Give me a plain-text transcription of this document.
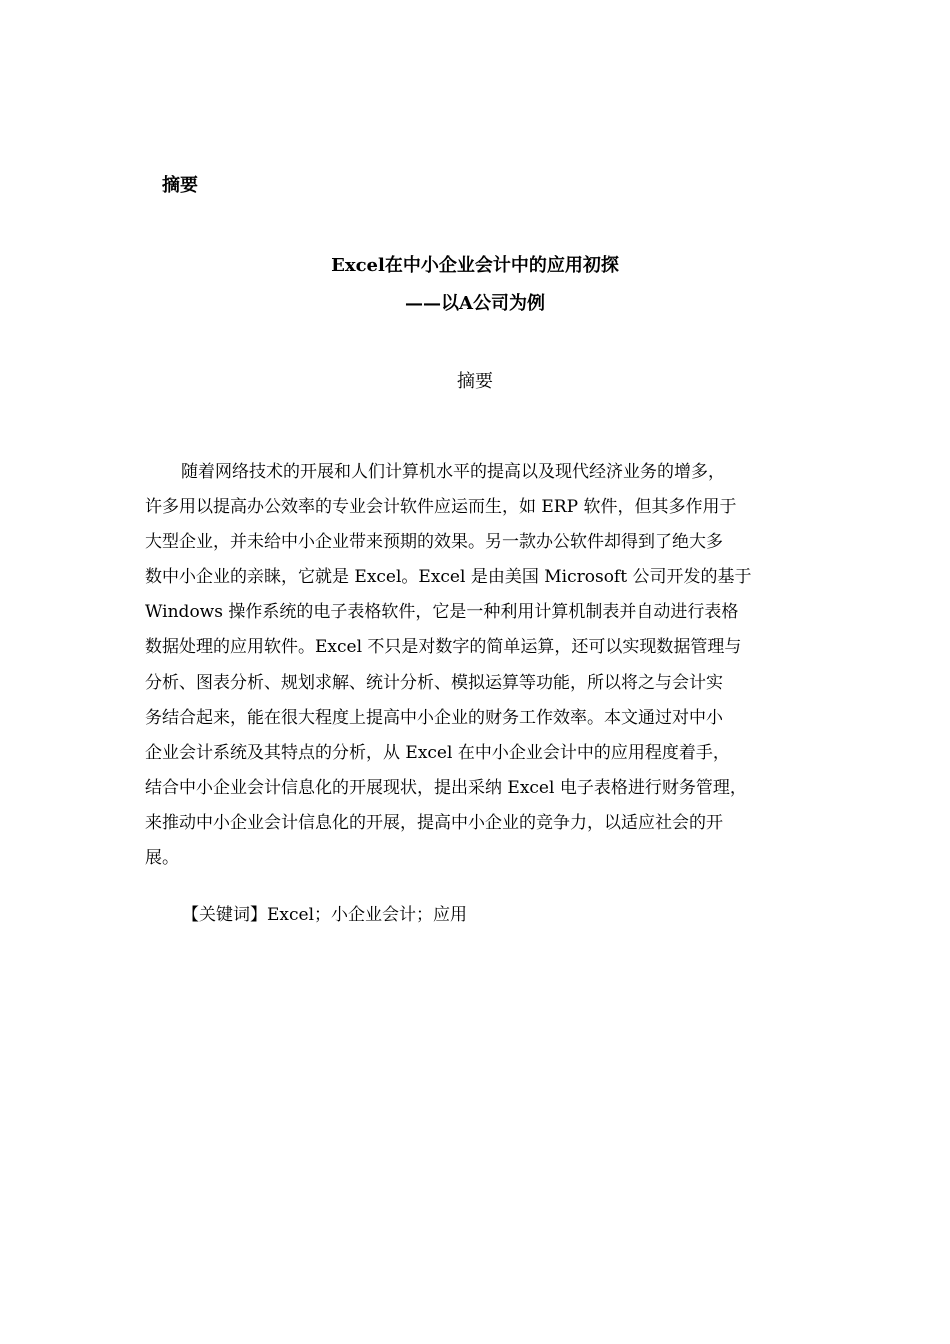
摘要
Excel在中小企业会计中的应用初探
——以A公司为例
摘要
随着网络技术的开展和人们计算机水平的提高以及现代经济业务的增多，
许多用以提高办公效率的专业会计软件应运而生，如 ERP 软件，但其多作用于
大型企业，并未给中小企业带来预期的效果。另一款办公软件却得到了绝大多
数中小企业的亲睐，它就是 Excel。Excel 是由美国 Microsoft 公司开发的基于
Windows 操作系统的电子表格软件，它是一种利用计算机制表并自动进行表格
数据处理的应用软件。Excel 不只是对数字的简单运算，还可以实现数据管理与
分析、图表分析、规划求解、统计分析、模拟运算等功能，所以将之与会计实
务结合起来，能在很大程度上提高中小企业的财务工作效率。本文通过对中小
企业会计系统及其特点的分析，从 Excel 在中小企业会计中的应用程度着手，
结合中小企业会计信息化的开展现状，提出采纳 Excel 电子表格进行财务管理，
来推动中小企业会计信息化的开展，提高中小企业的竞争力，以适应社会的开
展。
【关键词】Excel；小企业会计；应用
